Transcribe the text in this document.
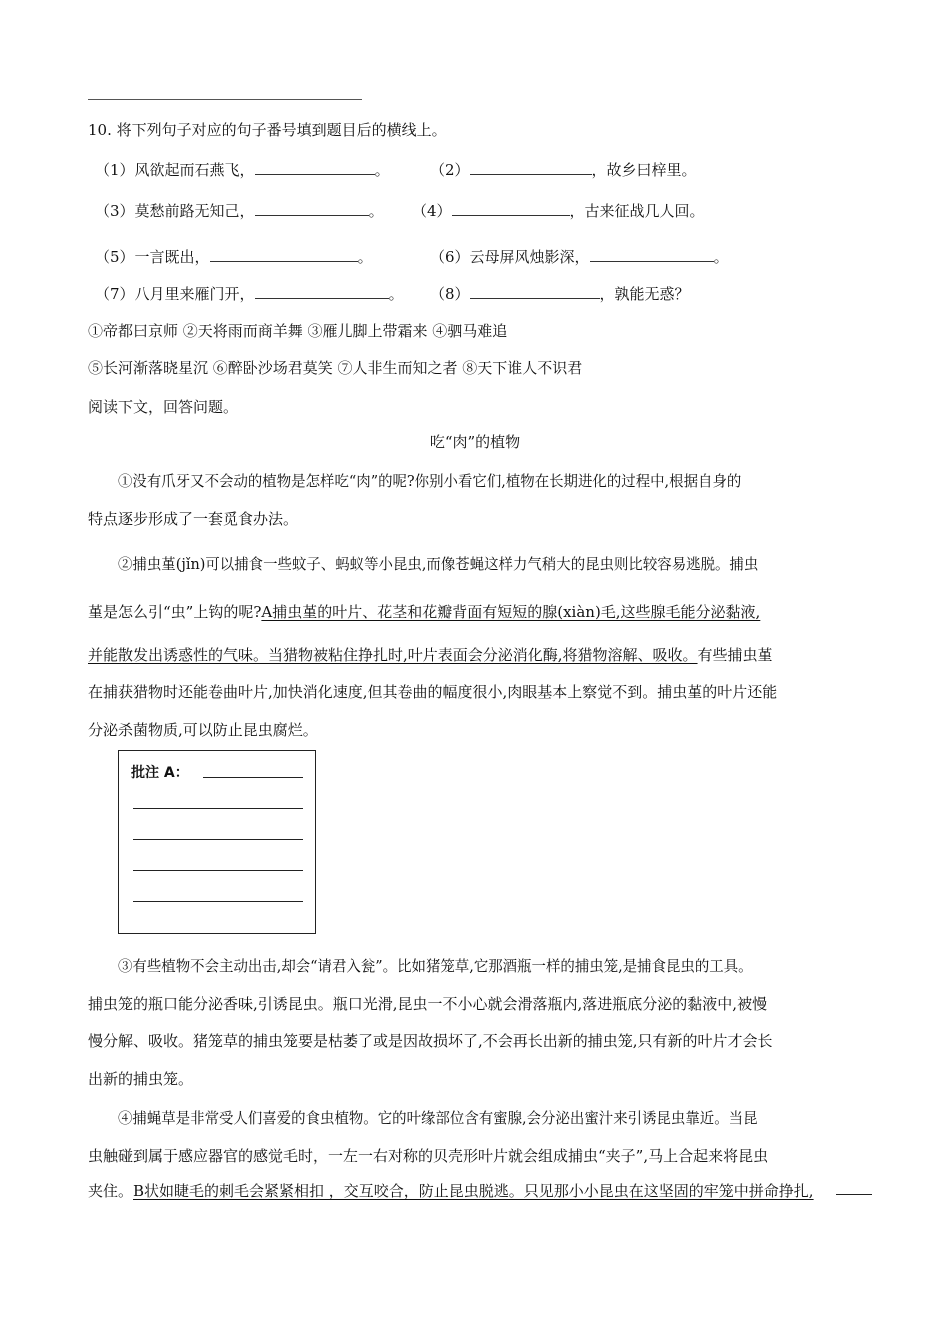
10. 将下列句子对应的句子番号填到题目后的横线上。
（1）风欲起而石燕飞，	。	（2）	，故乡曰梓里。
（3）莫愁前路无知己，	。 （4）	，古来征战几人回。
（5）一言既出，	。	（6）云母屏风烛影深，	。
（7）八月里来雁门开，	。 （8）	，孰能无惑？
①帝都曰京师 ②天将雨而商羊舞 ③雁儿脚上带霜来 ④驷马难追
⑤长河渐落晓星沉 ⑥醉卧沙场君莫笑 ⑦人非生而知之者 ⑧天下谁人不识君
阅读下文，回答问题。
吃“肉”的植物
①没有爪牙又不会动的植物是怎样吃“肉”的呢?你别小看它们,植物在长期进化的过程中,根据自身的
特点逐步形成了一套觅食办法。
②捕虫堇(jǐn)可以捕食一些蚊子、蚂蚁等小昆虫,而像苍蝇这样力气稍大的昆虫则比较容易逃脱。捕虫
堇是怎么引“虫”上钩的呢?A捕虫堇的叶片、花茎和花瓣背面有短短的腺(xiàn)毛,这些腺毛能分泌黏液,
并能散发出诱惑性的气味。当猎物被粘住挣扎时,叶片表面会分泌消化酶,将猎物溶解、吸收。有些捕虫堇
在捕获猎物时还能卷曲叶片,加快消化速度,但其卷曲的幅度很小,肉眼基本上察觉不到。捕虫堇的叶片还能
分泌杀菌物质,可以防止昆虫腐烂。
批注 A：
③有些植物不会主动出击,却会“请君入瓮”。比如猪笼草,它那酒瓶一样的捕虫笼,是捕食昆虫的工具。
捕虫笼的瓶口能分泌香味,引诱昆虫。瓶口光滑,昆虫一不小心就会滑落瓶内,落进瓶底分泌的黏液中,被慢
慢分解、吸收。猪笼草的捕虫笼要是枯萎了或是因故损坏了,不会再长出新的捕虫笼,只有新的叶片才会长
出新的捕虫笼。
④捕蝇草是非常受人们喜爱的食虫植物。它的叶缘部位含有蜜腺,会分泌出蜜汁来引诱昆虫靠近。当昆
虫触碰到属于感应器官的感觉毛时，一左一右对称的贝壳形叶片就会组成捕虫“夹子”,马上合起来将昆虫
夹住。B状如睫毛的刺毛会紧紧相扣 ，交互咬合，防止昆虫脱逃。只见那小小昆虫在这坚固的牢笼中拼命挣扎,
